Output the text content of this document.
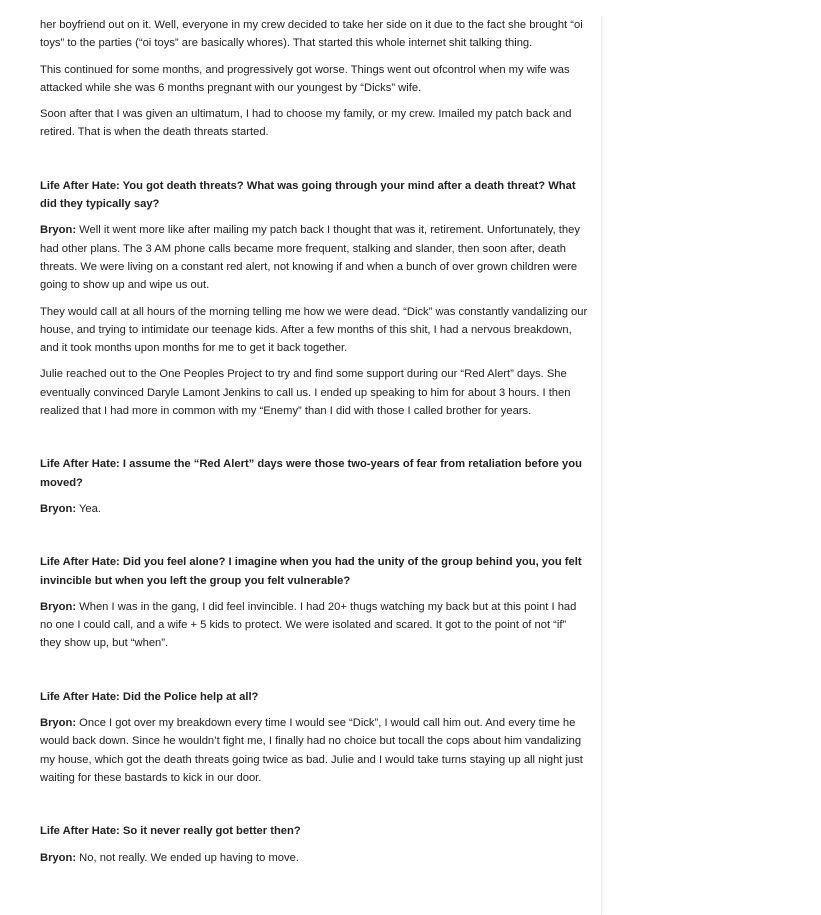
her boyfriend out on it. Well, everyone in my crew decided to take her side on it due to the fact she brought “oi toys” to the parties (“oi toys” are basically whores). That started this whole internet shit talking thing.

This continued for some months, and progressively got worse. Things went out ofcontrol when my wife was attacked while she was 6 months pregnant with our youngest by “Dicks” wife.

Soon after that I was given an ultimatum, I had to choose my family, or my crew. Imailed my patch back and retired. That is when the death threats started.

Life After Hate: You got death threats? What was going through your mind after a death threat? What did they typically say?

Bryon: Well it went more like after mailing my patch back I thought that was it, retirement. Unfortunately, they had other plans. The 3 AM phone calls became more frequent, stalking and slander, then soon after, death threats. We were living on a constant red alert, not knowing if and when a bunch of over grown children were going to show up and wipe us out.

They would call at all hours of the morning telling me how we were dead. “Dick” was constantly vandalizing our house, and trying to intimidate our teenage kids. After a few months of this shit, I had a nervous breakdown, and it took months upon months for me to get it back together.

Julie reached out to the One Peoples Project to try and find some support during our “Red Alert” days. She eventually convinced Daryle Lamont Jenkins to call us. I ended up speaking to him for about 3 hours. I then realized that I had more in common with my “Enemy” than I did with those I called brother for years.

Life After Hate: I assume the “Red Alert” days were those two-years of fear from retaliation before you moved?

Bryon: Yea.

Life After Hate: Did you feel alone? I imagine when you had the unity of the group behind you, you felt invincible but when you left the group you felt vulnerable?

Bryon: When I was in the gang, I did feel invincible. I had 20+ thugs watching my back but at this point I had no one I could call, and a wife + 5 kids to protect. We were isolated and scared. It got to the point of not “if” they show up, but “when”.

Life After Hate: Did the Police help at all?

Bryon: Once I got over my breakdown every time I would see “Dick”, I would call him out. And every time he would back down. Since he wouldn’t fight me, I finally had no choice but tocall the cops about him vandalizing my house, which got the death threats going twice as bad. Julie and I would take turns staying up all night just waiting for these bastards to kick in our door.

Life After Hate: So it never really got better then?

Bryon: No, not really. We ended up having to move.
